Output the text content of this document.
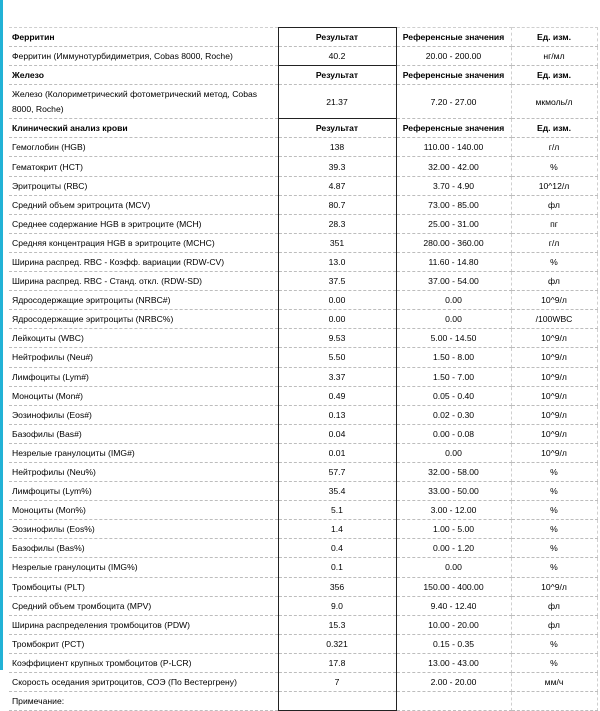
Ферритин	Результат	Референсные значения	Ед. изм.
Ферритин (Иммунотурбидиметрия, Cobas 8000, Roche)	40.2	20.00 - 200.00	нг/мл
Железо	Результат	Референсные значения	Ед. изм.
Железо (Колориметрический фотометрический метод, Cobas 8000, Roche)	21.37	7.20 - 27.00	мкмоль/л
Клинический анализ крови	Результат	Референсные значения	Ед. изм.
Гемоглобин (HGB)	138	110.00 - 140.00	г/л
Гематокрит (HCT)	39.3	32.00 - 42.00	%
Эритроциты (RBC)	4.87	3.70 - 4.90	10^12/л
Средний объем эритроцита (MCV)	80.7	73.00 - 85.00	фл
Среднее содержание HGB в эритроците (MCH)	28.3	25.00 - 31.00	пг
Средняя концентрация HGB в эритроците (MCHC)	351	280.00 - 360.00	г/л
Ширина распред. RBC - Коэфф. вариации (RDW-CV)	13.0	11.60 - 14.80	%
Ширина распред. RBC - Станд. откл. (RDW-SD)	37.5	37.00 - 54.00	фл
Ядросодержащие эритроциты (NRBC#)	0.00	0.00	10^9/л
Ядросодержащие эритроциты (NRBC%)	0.00	0.00	/100WBC
Лейкоциты (WBC)	9.53	5.00 - 14.50	10^9/л
Нейтрофилы (Neu#)	5.50	1.50 - 8.00	10^9/л
Лимфоциты (Lym#)	3.37	1.50 - 7.00	10^9/л
Моноциты (Mon#)	0.49	0.05 - 0.40	10^9/л
Эозинофилы (Eos#)	0.13	0.02 - 0.30	10^9/л
Базофилы (Bas#)	0.04	0.00 - 0.08	10^9/л
Незрелые гранулоциты (IMG#)	0.01	0.00	10^9/л
Нейтрофилы (Neu%)	57.7	32.00 - 58.00	%
Лимфоциты (Lym%)	35.4	33.00 - 50.00	%
Моноциты (Mon%)	5.1	3.00 - 12.00	%
Эозинофилы (Eos%)	1.4	1.00 - 5.00	%
Базофилы (Bas%)	0.4	0.00 - 1.20	%
Незрелые гранулоциты (IMG%)	0.1	0.00	%
Тромбоциты (PLT)	356	150.00 - 400.00	10^9/л
Средний объем тромбоцита (MPV)	9.0	9.40 - 12.40	фл
Ширина распределения тромбоцитов (PDW)	15.3	10.00 - 20.00	фл
Тромбокрит (PCT)	0.321	0.15 - 0.35	%
Коэффициент крупных тромбоцитов (P-LCR)	17.8	13.00 - 43.00	%
Скорость оседания эритроцитов, СОЭ (По Вестергрену)	7	2.00 - 20.00	мм/ч
Примечание:			
